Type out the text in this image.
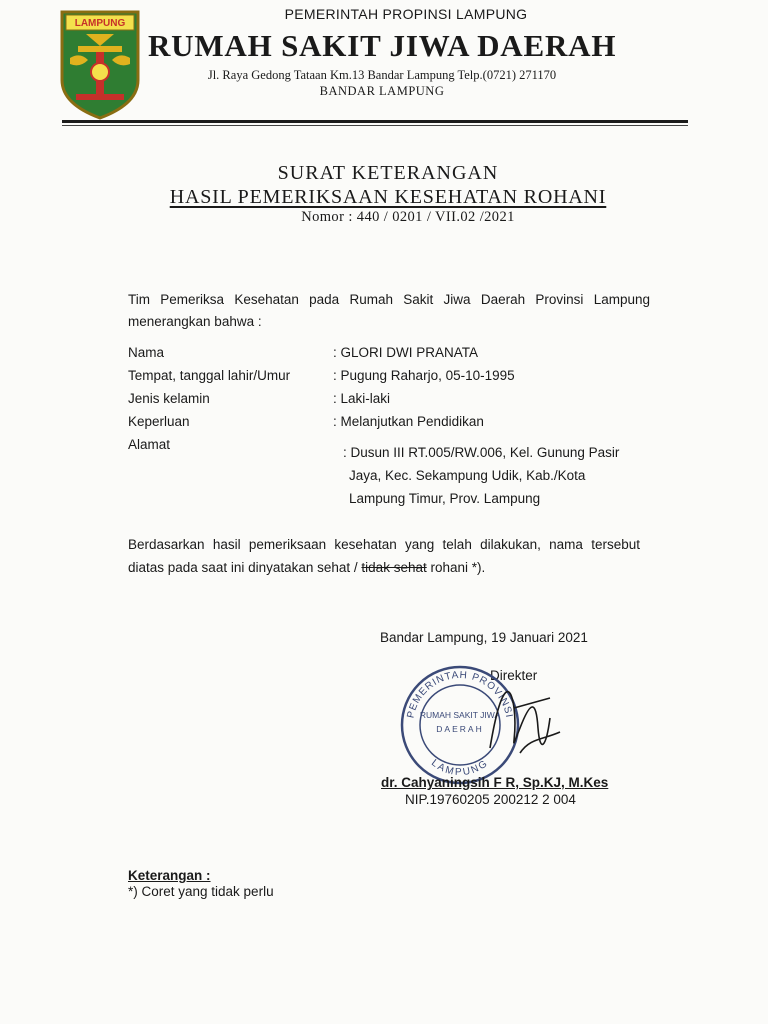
LAMPUNG
PEMERINTAH PROPINSI LAMPUNG
RUMAH SAKIT JIWA DAERAH
Jl. Raya Gedong Tataan Km.13 Bandar Lampung Telp.(0721) 271170
BANDAR LAMPUNG
SURAT KETERANGAN
HASIL PEMERIKSAAN KESEHATAN ROHANI
Nomor : 440 / 0201 / VII.02 /2021
Tim Pemeriksa Kesehatan pada Rumah Sakit Jiwa Daerah Provinsi Lampung
menerangkan bahwa :
Nama	: GLORI DWI PRANATA
Tempat, tanggal lahir/Umur	: Pugung Raharjo, 05-10-1995
Jenis kelamin	: Laki-laki
Keperluan	: Melanjutkan Pendidikan
Alamat
: Dusun III RT.005/RW.006, Kel. Gunung Pasir
Jaya, Kec. Sekampung Udik, Kab./Kota
Lampung Timur, Prov. Lampung
Berdasarkan hasil pemeriksaan kesehatan yang telah dilakukan, nama tersebut
diatas pada saat ini dinyatakan sehat / tidak sehat rohani *).
Bandar Lampung, 19 Januari 2021
Direkter
PEMERINTAH PROVINSI
LAMPUNG
RUMAH SAKIT JIWA
DAERAH
dr. Cahyaningsih F R, Sp.KJ, M.Kes
NIP.19760205 200212 2 004
Keterangan :
*) Coret yang tidak perlu
